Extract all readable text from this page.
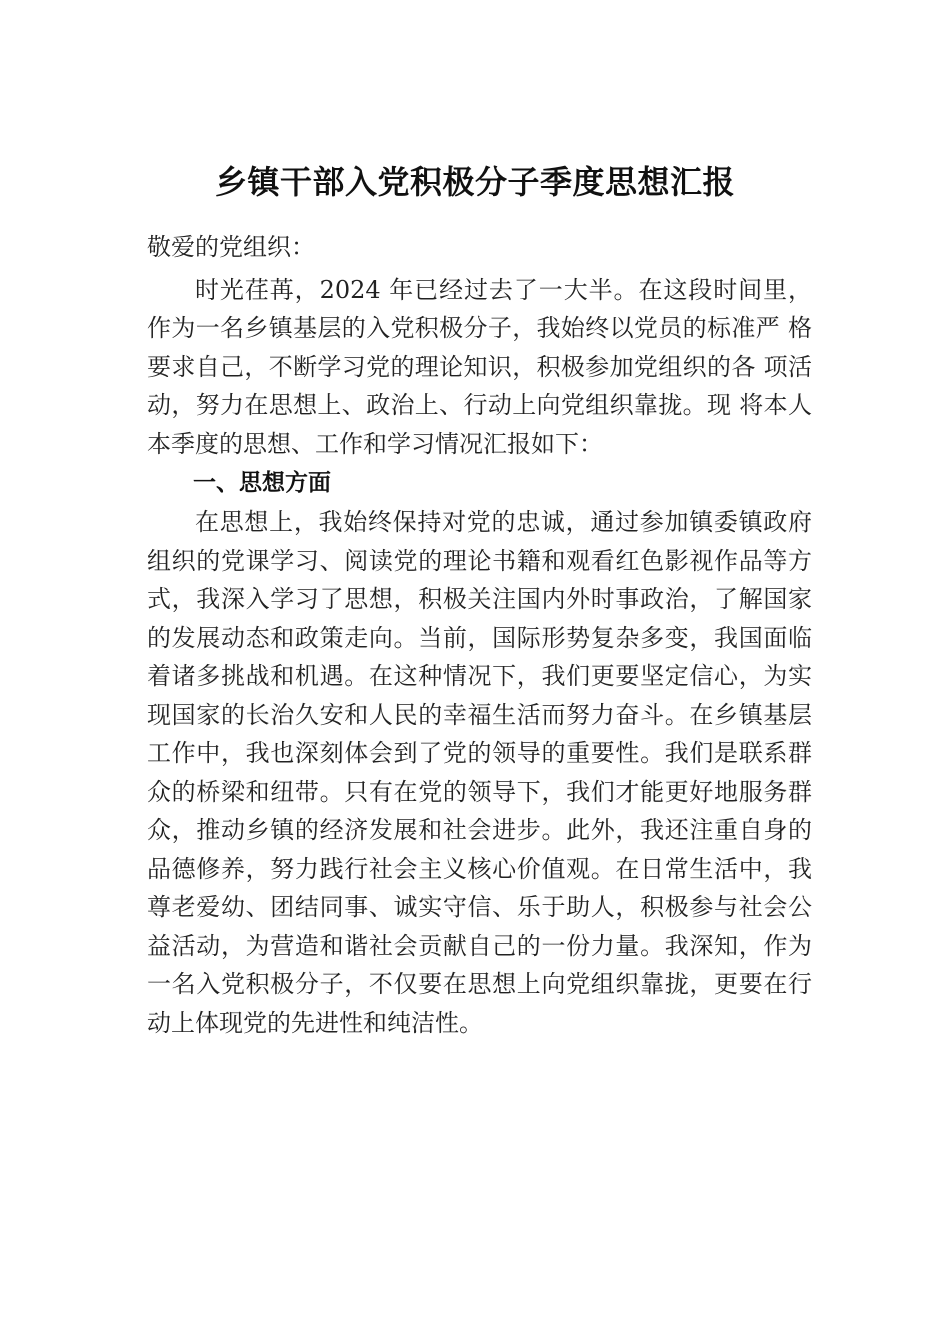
乡镇干部入党积极分子季度思想汇报

敬爱的党组织：

时光荏苒，2024 年已经过去了一大半。在这段时间里， 作为一名乡镇基层的入党积极分子，我始终以党员的标准严 格要求自己，不断学习党的理论知识，积极参加党组织的各 项活动，努力在思想上、政治上、行动上向党组织靠拢。现 将本人本季度的思想、工作和学习情况汇报如下：

一、思想方面

在思想上，我始终保持对党的忠诚，通过参加镇委镇政府组织的党课学习、阅读党的理论书籍和观看红色影视作品等方式，我深入学习了思想，积极关注国内外时事政治，了解国家的发展动态和政策走向。当前，国际形势复杂多变，我国面临着诸多挑战和机遇。在这种情况下，我们更要坚定信心，为实现国家的长治久安和人民的幸福生活而努力奋斗。在乡镇基层工作中，我也深刻体会到了党的领导的重要性。我们是联系群众的桥梁和纽带。只有在党的领导下，我们才能更好地服务群众，推动乡镇的经济发展和社会进步。此外，我还注重自身的品德修养，努力践行社会主义核心价值观。在日常生活中，我尊老爱幼、团结同事、诚实守信、乐于助人，积极参与社会公益活动，为营造和谐社会贡献自己的一份力量。我深知，作为一名入党积极分子，不仅要在思想上向党组织靠拢，更要在行动上体现党的先进性和纯洁性。
